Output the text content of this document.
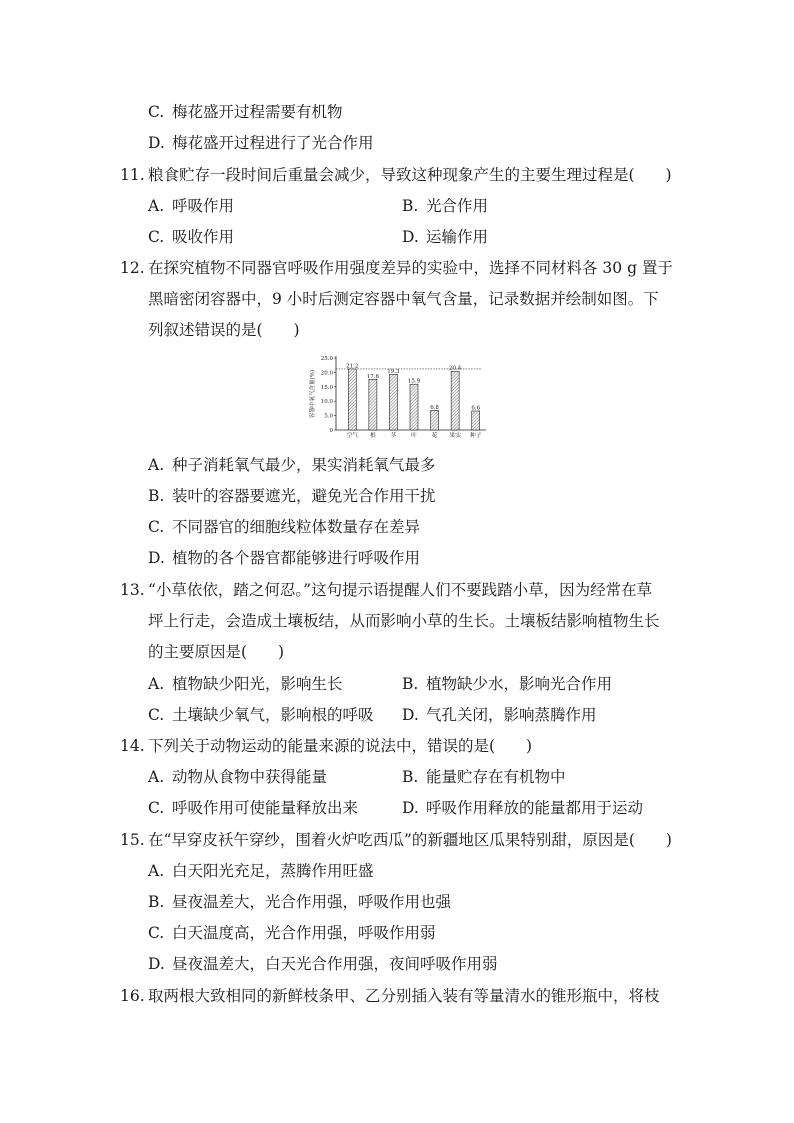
C. 梅花盛开过程需要有机物
D. 梅花盛开过程进行了光合作用
11. 粮食贮存一段时间后重量会减少，导致这种现象产生的主要生理过程是(　　)
A. 呼吸作用	B. 光合作用
C. 吸收作用	D. 运输作用
12. 在探究植物不同器官呼吸作用强度差异的实验中，选择不同材料各 30 g 置于
黑暗密闭容器中，9 小时后测定容器中氧气含量，记录数据并绘制如图。下
列叙述错误的是(　　)
0
5.0
10.0
15.0
20.0
25.0
容器中氧气含量(%)
21.2
空气
17.6
根
19.3
茎
15.9
叶
6.8
花
20.4
果实
6.6
种子
A. 种子消耗氧气最少，果实消耗氧气最多
B. 装叶的容器要遮光，避免光合作用干扰
C. 不同器官的细胞线粒体数量存在差异
D. 植物的各个器官都能够进行呼吸作用
13. “小草依依，踏之何忍。”这句提示语提醒人们不要践踏小草，因为经常在草
坪上行走，会造成土壤板结，从而影响小草的生长。土壤板结影响植物生长
的主要原因是(　　)
A. 植物缺少阳光，影响生长	B. 植物缺少水，影响光合作用
C. 土壤缺少氧气，影响根的呼吸 D. 气孔关闭，影响蒸腾作用
14. 下列关于动物运动的能量来源的说法中，错误的是(　　)
A. 动物从食物中获得能量	B. 能量贮存在有机物中
C. 呼吸作用可使能量释放出来	D. 呼吸作用释放的能量都用于运动
15. 在“早穿皮袄午穿纱，围着火炉吃西瓜”的新疆地区瓜果特别甜，原因是(　　)
A. 白天阳光充足，蒸腾作用旺盛
B. 昼夜温差大，光合作用强，呼吸作用也强
C. 白天温度高，光合作用强，呼吸作用弱
D. 昼夜温差大，白天光合作用强，夜间呼吸作用弱
16. 取两根大致相同的新鲜枝条甲、乙分别插入装有等量清水的锥形瓶中，将枝
